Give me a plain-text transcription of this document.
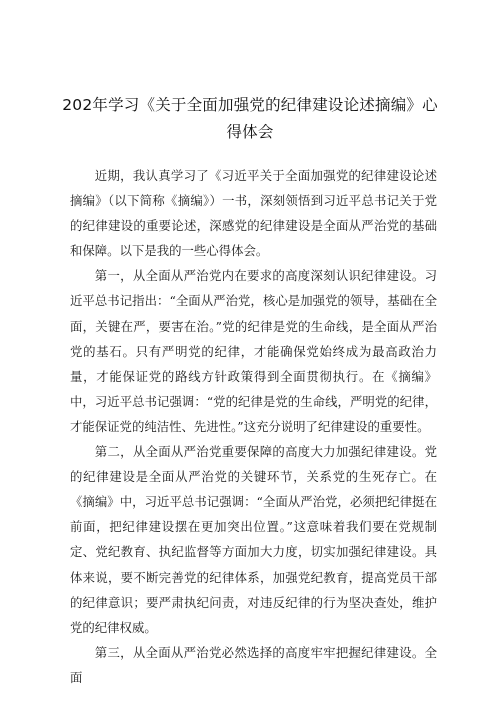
202年学习《关于全面加强党的纪律建设论述摘编》心得体会

近期，我认真学习了《习近平关于全面加强党的纪律建设论述摘编》（以下简称《摘编》）一书，深刻领悟到习近平总书记关于党的纪律建设的重要论述，深感党的纪律建设是全面从严治党的基础和保障。以下是我的一些心得体会。

第一，从全面从严治党内在要求的高度深刻认识纪律建设。习近平总书记指出：“全面从严治党，核心是加强党的领导，基础在全面，关键在严，要害在治。”党的纪律是党的生命线，是全面从严治党的基石。只有严明党的纪律，才能确保党始终成为最高政治力量，才能保证党的路线方针政策得到全面贯彻执行。在《摘编》中，习近平总书记强调：“党的纪律是党的生命线，严明党的纪律，才能保证党的纯洁性、先进性。”这充分说明了纪律建设的重要性。

第二，从全面从严治党重要保障的高度大力加强纪律建设。党的纪律建设是全面从严治党的关键环节，关系党的生死存亡。在《摘编》中，习近平总书记强调：“全面从严治党，必须把纪律挺在前面，把纪律建设摆在更加突出位置。”这意味着我们要在党规制定、党纪教育、执纪监督等方面加大力度，切实加强纪律建设。具体来说，要不断完善党的纪律体系，加强党纪教育，提高党员干部的纪律意识；要严肃执纪问责，对违反纪律的行为坚决查处，维护党的纪律权威。

第三，从全面从严治党必然选择的高度牢牢把握纪律建设。全面
